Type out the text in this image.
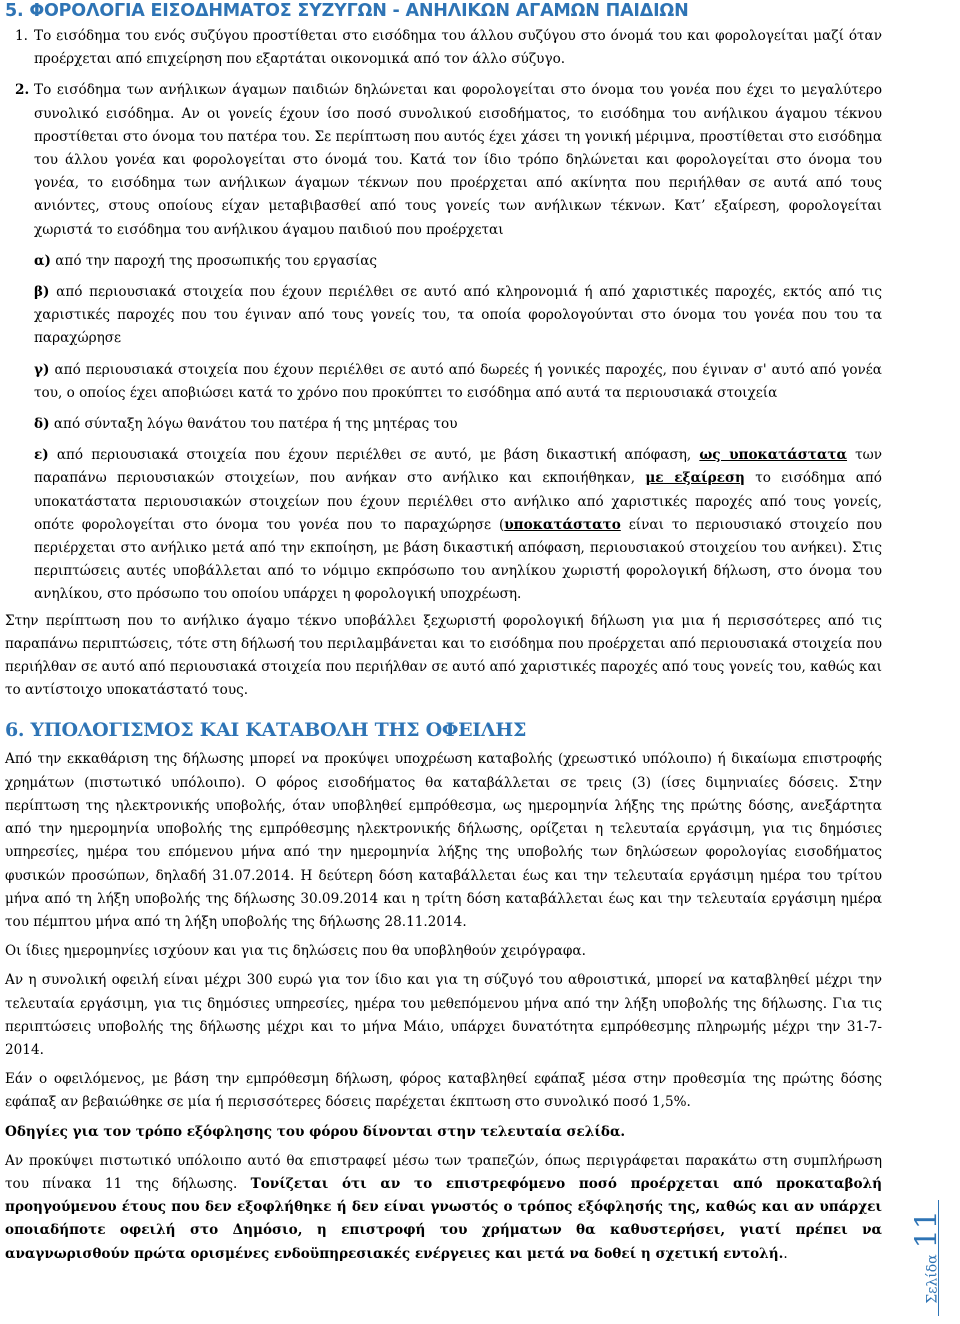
5. ΦΟΡΟΛΟΓΙΑ ΕΙΣΟΔΗΜΑΤΟΣ ΣΥΖΥΓΩΝ - ΑΝΗΛΙΚΩΝ ΑΓΑΜΩΝ ΠΑΙΔΙΩΝ
1. Το εισόδημα του ενός συζύγου προστίθεται στο εισόδημα του άλλου συζύγου στο όνομά του και φορολογείται μαζί όταν προέρχεται από επιχείρηση που εξαρτάται οικονομικά από τον άλλο σύζυγο.
2. Το εισόδημα των ανήλικων άγαμων παιδιών δηλώνεται και φορολογείται στο όνομα του γονέα που έχει το μεγαλύτερο συνολικό εισόδημα. Αν οι γονείς έχουν ίσο ποσό συνολικού εισοδήματος, το εισόδημα του ανήλικου άγαμου τέκνου προστίθεται στο όνομα του πατέρα του. Σε περίπτωση που αυτός έχει χάσει τη γονική μέριμνα, προστίθεται στο εισόδημα του άλλου γονέα και φορολογείται στο όνομά του. Κατά τον ίδιο τρόπο δηλώνεται και φορολογείται στο όνομα του γονέα, το εισόδημα των ανήλικων άγαμων τέκνων που προέρχεται από ακίνητα που περιήλθαν σε αυτά από τους ανιόντες, στους οποίους είχαν μεταβιβασθεί από τους γονείς των ανήλικων τέκνων. Κατ’ εξαίρεση, φορολογείται χωριστά το εισόδημα του ανήλικου άγαμου παιδιού που προέρχεται

α) από την παροχή της προσωπικής του εργασίας

β) από περιουσιακά στοιχεία που έχουν περιέλθει σε αυτό από κληρονομιά ή από χαριστικές παροχές, εκτός από τις χαριστικές παροχές που του έγιναν από τους γονείς του, τα οποία φορολογούνται στο όνομα του γονέα που του τα παραχώρησε

γ) από περιουσιακά στοιχεία που έχουν περιέλθει σε αυτό από δωρεές ή γονικές παροχές, που έγιναν σ' αυτό από γονέα του, ο οποίος έχει αποβιώσει κατά το χρόνο που προκύπτει το εισόδημα από αυτά τα περιουσιακά στοιχεία

δ) από σύνταξη λόγω θανάτου του πατέρα ή της μητέρας του

ε) από περιουσιακά στοιχεία που έχουν περιέλθει σε αυτό, με βάση δικαστική απόφαση, ως υποκατάστατα των παραπάνω περιουσιακών στοιχείων, που ανήκαν στο ανήλικο και εκποιήθηκαν, με εξαίρεση το εισόδημα από υποκατάστατα περιουσιακών στοιχείων που έχουν περιέλθει στο ανήλικο από χαριστικές παροχές από τους γονείς, οπότε φορολογείται στο όνομα του γονέα που το παραχώρησε (υποκατάστατο είναι το περιουσιακό στοιχείο που περιέρχεται στο ανήλικο μετά από την εκποίηση, με βάση δικαστική απόφαση, περιουσιακού στοιχείου του ανήκει). Στις περιπτώσεις αυτές υποβάλλεται από το νόμιμο εκπρόσωπο του ανηλίκου χωριστή φορολογική δήλωση, στο όνομα του ανηλίκου, στο πρόσωπο του οποίου υπάρχει η φορολογική υποχρέωση.

Στην περίπτωση που το ανήλικο άγαμο τέκνο υποβάλλει ξεχωριστή φορολογική δήλωση για μια ή περισσότερες από τις παραπάνω περιπτώσεις, τότε στη δήλωσή του περιλαμβάνεται και το εισόδημα που προέρχεται από περιουσιακά στοιχεία που περιήλθαν σε αυτό από περιουσιακά στοιχεία που περιήλθαν σε αυτό από χαριστικές παροχές από τους γονείς του, καθώς και το αντίστοιχο υποκατάστατό τους.

6. ΥΠΟΛΟΓΙΣΜΟΣ ΚΑΙ ΚΑΤΑΒΟΛΗ ΤΗΣ ΟΦΕΙΛΗΣ

Από την εκκαθάριση της δήλωσης μπορεί να προκύψει υποχρέωση καταβολής (χρεωστικό υπόλοιπο) ή δικαίωμα επιστροφής χρημάτων (πιστωτικό υπόλοιπο). Ο φόρος εισοδήματος θα καταβάλλεται σε τρεις (3) (ίσες διμηνιαίες δόσεις. Στην περίπτωση της ηλεκτρονικής υποβολής, όταν υποβληθεί εμπρόθεσμα, ως ημερομηνία λήξης της πρώτης δόσης, ανεξάρτητα από την ημερομηνία υποβολής της εμπρόθεσμης ηλεκτρονικής δήλωσης, ορίζεται η τελευταία εργάσιμη, για τις δημόσιες υπηρεσίες, ημέρα του επόμενου μήνα από την ημερομηνία λήξης της υποβολής των δηλώσεων φορολογίας εισοδήματος φυσικών προσώπων, δηλαδή 31.07.2014. Η δεύτερη δόση καταβάλλεται έως και την τελευταία εργάσιμη ημέρα του τρίτου μήνα από τη λήξη υποβολής της δήλωσης 30.09.2014 και η τρίτη δόση καταβάλλεται έως και την τελευταία εργάσιμη ημέρα του πέμπτου μήνα από τη λήξη υποβολής της δήλωσης 28.11.2014.

Οι ίδιες ημερομηνίες ισχύουν και για τις δηλώσεις που θα υποβληθούν χειρόγραφα.

Αν η συνολική οφειλή είναι μέχρι 300 ευρώ για τον ίδιο και για τη σύζυγό του αθροιστικά, μπορεί να καταβληθεί μέχρι την τελευταία εργάσιμη, για τις δημόσιες υπηρεσίες, ημέρα του μεθεπόμενου μήνα από την λήξη υποβολής της δήλωσης. Για τις περιπτώσεις υποβολής της δήλωσης μέχρι και το μήνα Μάιο, υπάρχει δυνατότητα εμπρόθεσμης πληρωμής μέχρι την 31-7-2014.

Εάν ο οφειλόμενος, με βάση την εμπρόθεσμη δήλωση, φόρος καταβληθεί εφάπαξ μέσα στην προθεσμία της πρώτης δόσης εφάπαξ αν βεβαιώθηκε σε μία ή περισσότερες δόσεις παρέχεται έκπτωση στο συνολικό ποσό 1,5%.

Οδηγίες για τον τρόπο εξόφλησης του φόρου δίνονται στην τελευταία σελίδα.

Αν προκύψει πιστωτικό υπόλοιπο αυτό θα επιστραφεί μέσω των τραπεζών, όπως περιγράφεται παρακάτω στη συμπλήρωση του πίνακα 11 της δήλωσης. Τονίζεται ότι αν το επιστρεφόμενο ποσό προέρχεται από προκαταβολή προηγούμενου έτους που δεν εξοφλήθηκε ή δεν είναι γνωστός ο τρόπος εξόφλησής της, καθώς και αν υπάρχει οποιαδήποτε οφειλή στο Δημόσιο, η επιστροφή του χρήματων θα καθυστερήσει, γιατί πρέπει να αναγνωρισθούν πρώτα ορισμένες ενδοϋπηρεσιακές ενέργειες και μετά να δοθεί η σχετική εντολή..

Σελίδα11
